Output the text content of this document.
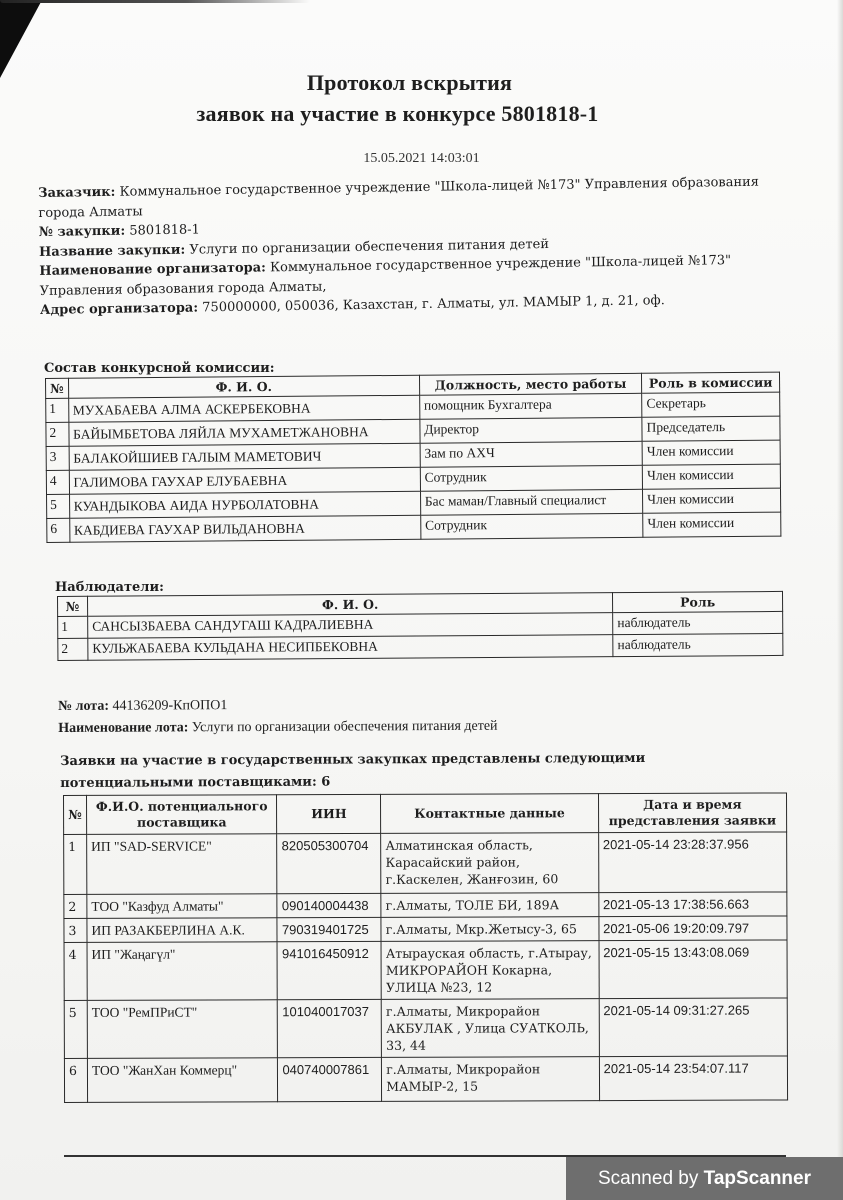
Протокол вскрытия
заявок на участие в конкурсе 5801818-1
15.05.2021 14:03:01

Заказчик: Коммунальное государственное учреждение "Школа-лицей №173" Управления образования города Алматы

№ закупки: 5801818-1

Название закупки: Услуги по организации обеспечения питания детей

Наименование организатора: Коммунальное государственное учреждение "Школа-лицей №173" Управления образования города Алматы,

Адрес организатора: 750000000, 050036, Казахстан, г. Алматы, ул. МАМЫР 1, д. 21, оф.

Состав конкурсной комиссии:
№	Ф. И. О.	Должность, место работы	Роль в комиссии
1	МУХАБАЕВА АЛМА АСКЕРБЕКОВНА	помощник Бухгалтера	Секретарь
2	БАЙЫМБЕТОВА ЛЯЙЛА МУХАМЕТЖАНОВНА	Директор	Председатель
3	БАЛАКОЙШИЕВ ГАЛЫМ МАМЕТОВИЧ	Зам по АХЧ	Член комиссии
4	ГАЛИМОВА ГАУХАР ЕЛУБАЕВНА	Сотрудник	Член комиссии
5	КУАНДЫКОВА АИДА НУРБОЛАТОВНА	Бас маман/Главный специалист	Член комиссии
6	КАБДИЕВА ГАУХАР ВИЛЬДАНОВНА	Сотрудник	Член комиссии
Наблюдатели:
№	Ф. И. О.	Роль
1	САНСЫЗБАЕВА САНДУГАШ КАДРАЛИЕВНА	наблюдатель
2	КУЛЬЖАБАЕВА КУЛЬДАНА НЕСИПБЕКОВНА	наблюдатель

№ лота: 44136209-КпОПО1

Наименование лота: Услуги по организации обеспечения питания детей

Заявки на участие в государственных закупках представлены следующими потенциальными поставщиками: 6
№	Ф.И.О. потенциального поставщика	ИИН	Контактные данные	Дата и время представления заявки
1	ИП "SAD-SERVICE"	820505300704	Алматинская область, Карасайский район, г.Каскелен, Жанғозин, 60	2021-05-14 23:28:37.956
2	ТОО "Казфуд Алматы"	090140004438	г.Алматы, ТОЛЕ БИ, 189А	2021-05-13 17:38:56.663
3	ИП РАЗАКБЕРЛИНА А.К.	790319401725	г.Алматы, Мкр.Жетысу-3, 65	2021-05-06 19:20:09.797
4	ИП "Жаңагүл"	941016450912	Атырауская область, г.Атырау, МИКРОРАЙОН Кокарна, УЛИЦА №23, 12	2021-05-15 13:43:08.069
5	ТОО "РемПРиСТ"	101040017037	г.Алматы, Микрорайон АКБУЛАК , Улица СУАТКОЛЬ, 33, 44	2021-05-14 09:31:27.265
6	ТОО "ЖанХан Коммерц"	040740007861	г.Алматы, Микрорайон МАМЫР-2, 15	2021-05-14 23:54:07.117
Scanned by TapScanner
